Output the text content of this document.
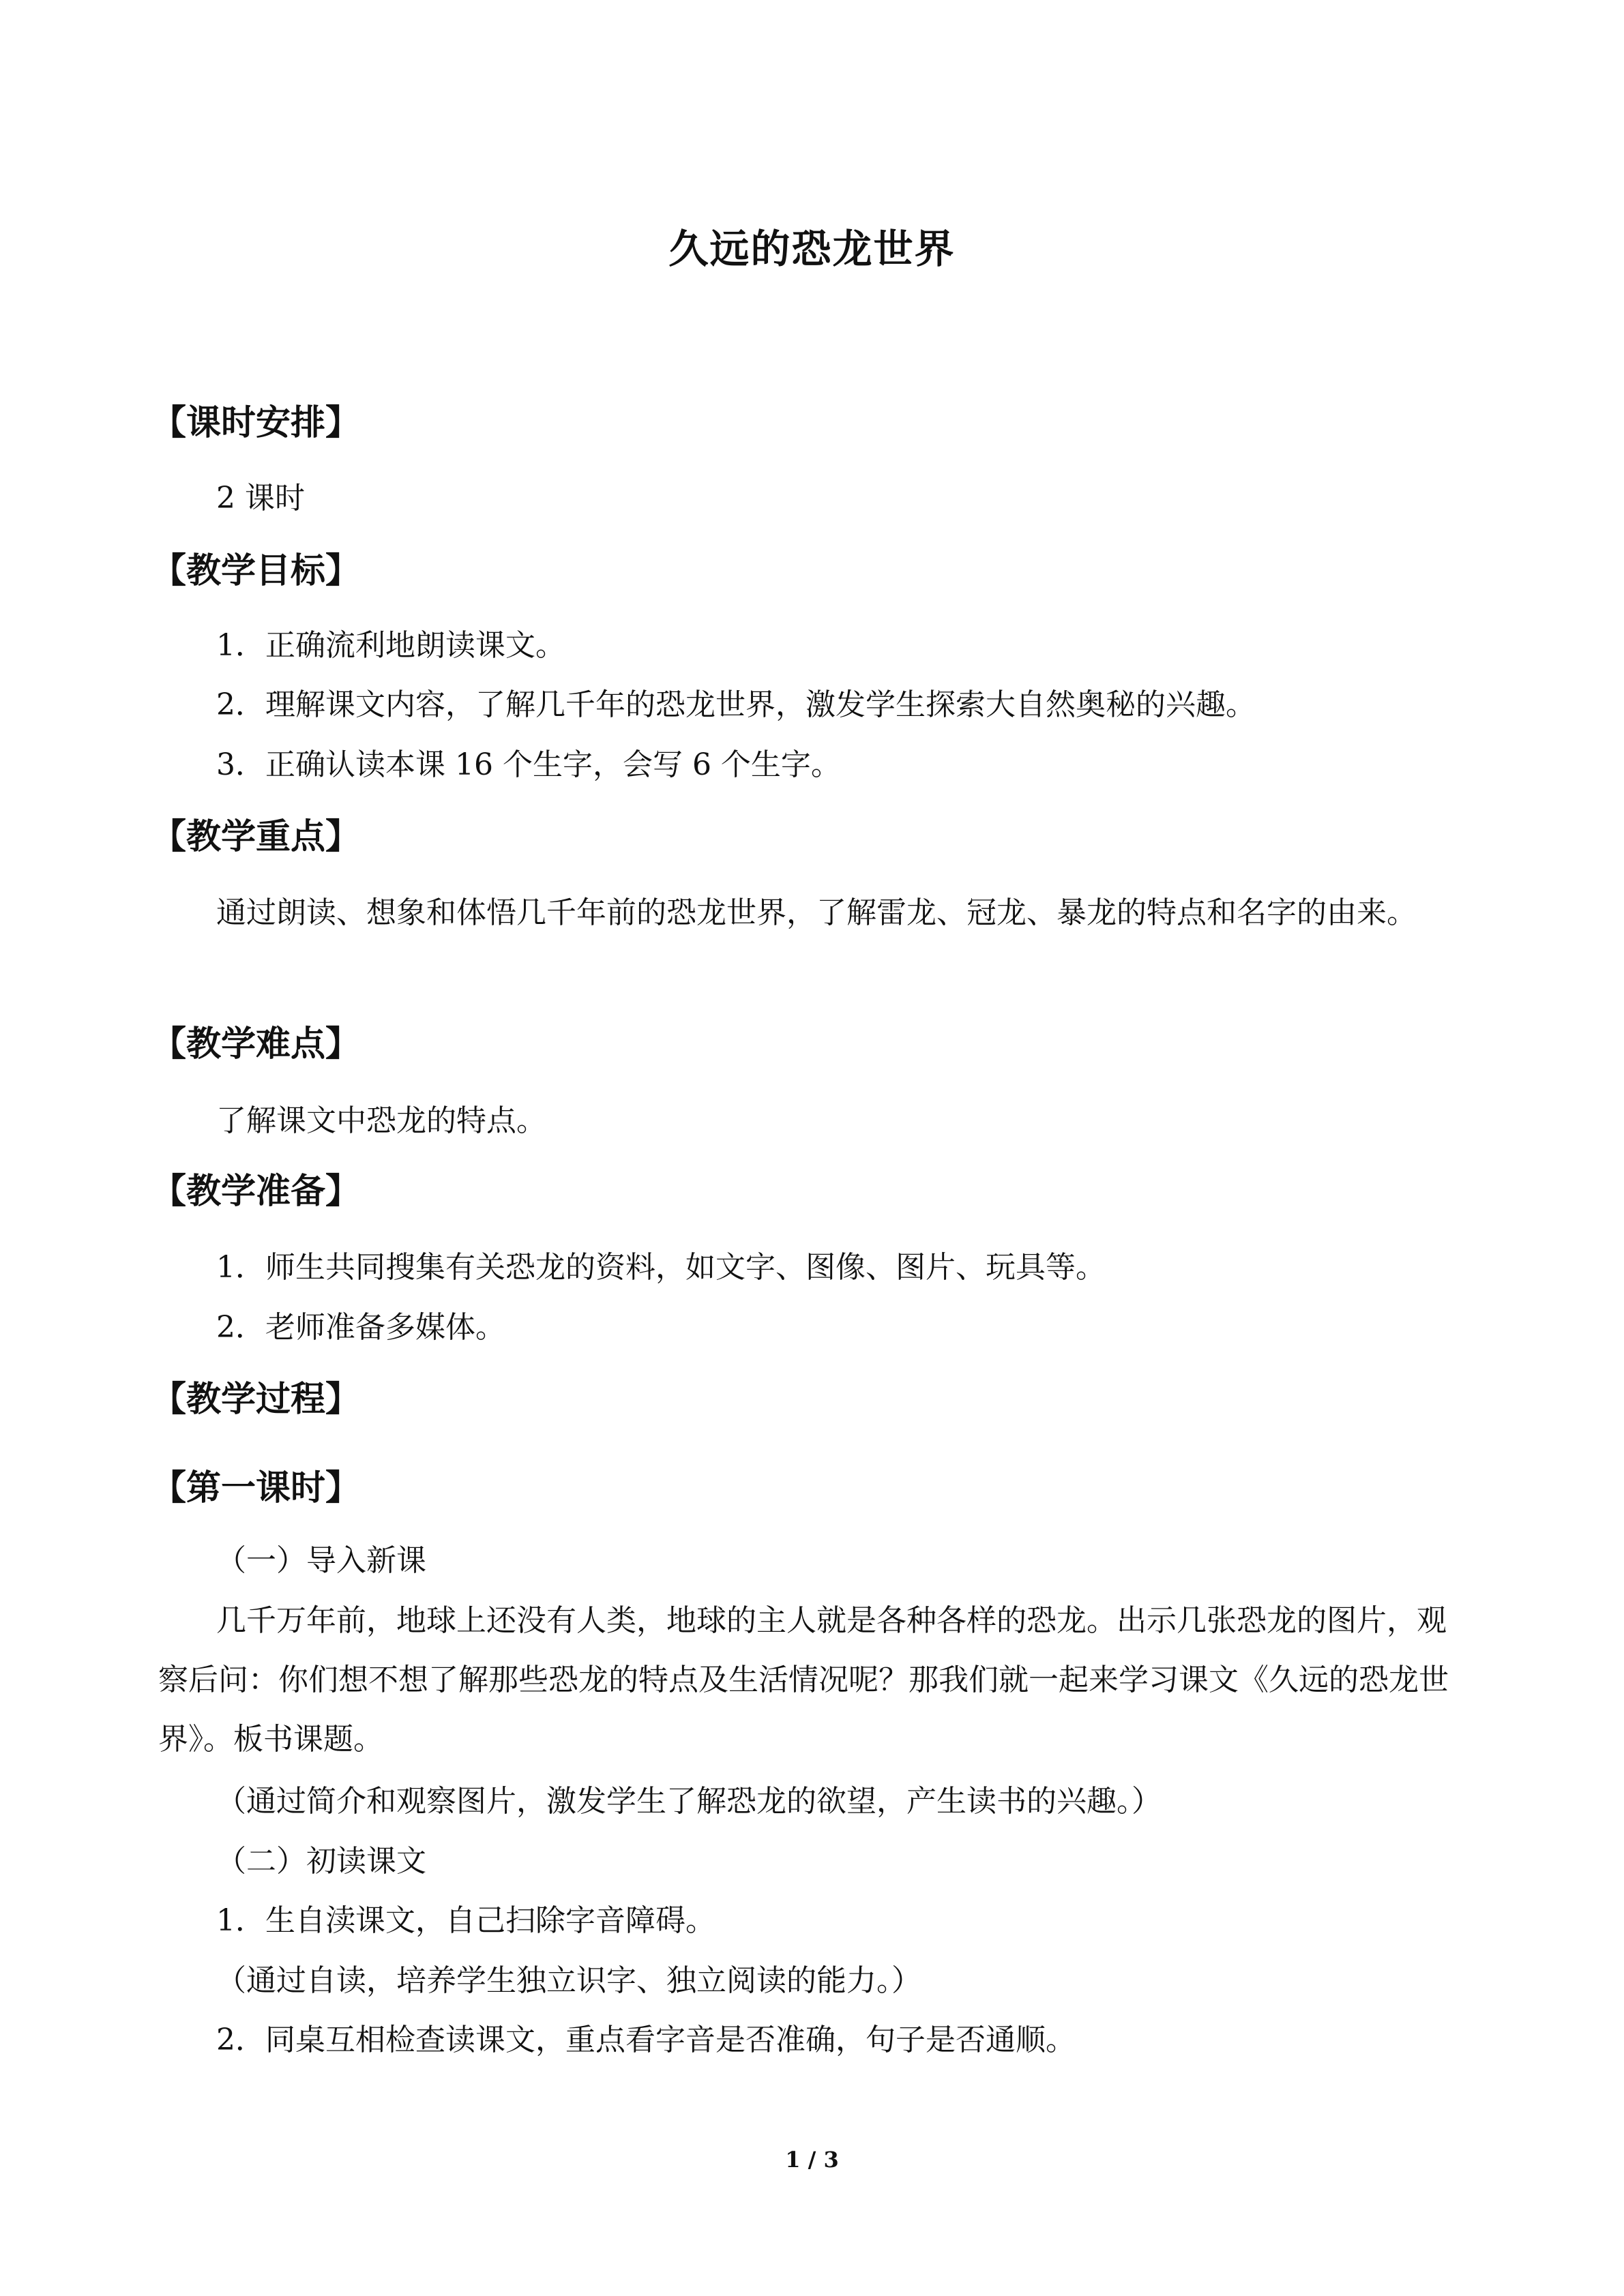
久远的恐龙世界
【课时安排】
2 课时
【教学目标】
1．正确流利地朗读课文。
2．理解课文内容，了解几千年的恐龙世界，激发学生探索大自然奥秘的兴趣。
3．正确认读本课 16 个生字，会写 6 个生字。
【教学重点】
通过朗读、想象和体悟几千年前的恐龙世界，了解雷龙、冠龙、暴龙的特点和名字的由来。
【教学难点】
了解课文中恐龙的特点。
【教学准备】
1．师生共同搜集有关恐龙的资料，如文字、图像、图片、玩具等。
2．老师准备多媒体。
【教学过程】
【第一课时】
（一）导入新课
几千万年前，地球上还没有人类，地球的主人就是各种各样的恐龙。出示几张恐龙的图片，观察后问：你们想不想了解那些恐龙的特点及生活情况呢？那我们就一起来学习课文《久远的恐龙世界》。板书课题。
（通过简介和观察图片，激发学生了解恐龙的欲望，产生读书的兴趣。）
（二）初读课文
1．生自渎课文，自己扫除字音障碍。
（通过自读，培养学生独立识字、独立阅读的能力。）
2．同桌互相检查读课文，重点看字音是否准确，句子是否通顺。
1 / 3
